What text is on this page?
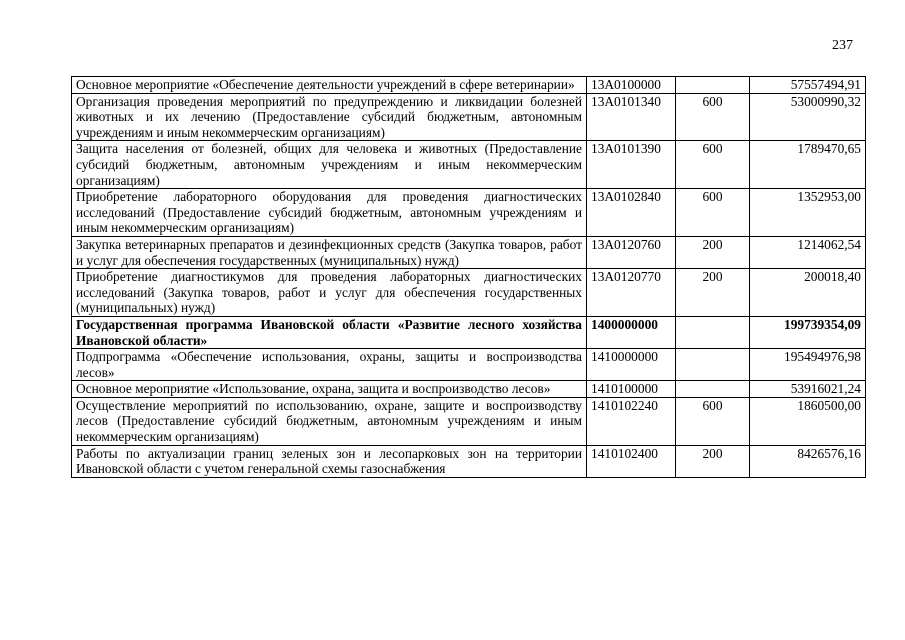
237
Основное мероприятие «Обеспечение деятельности учреждений в сфере ветеринарии»	13А0100000		57557494,91
Организация проведения мероприятий по предупреждению и ликвидации болезней животных и их лечению (Предоставление субсидий бюджетным, автономным учреждениям и иным некоммерческим организациям)	13А0101340	600	53000990,32
Защита населения от болезней, общих для человека и животных (Предоставление субсидий бюджетным, автономным учреждениям и иным некоммерческим организациям)	13А0101390	600	1789470,65
Приобретение лабораторного оборудования для проведения диагностических исследований (Предоставление субсидий бюджетным, автономным учреждениям и иным некоммерческим организациям)	13А0102840	600	1352953,00
Закупка ветеринарных препаратов и дезинфекционных средств (Закупка товаров, работ и услуг для обеспечения государственных (муниципальных) нужд)	13А0120760	200	1214062,54
Приобретение диагностикумов для проведения лабораторных диагностических исследований (Закупка товаров, работ и услуг для обеспечения государственных (муниципальных) нужд)	13А0120770	200	200018,40
Государственная программа Ивановской области «Развитие лесного хозяйства Ивановской области»	1400000000		199739354,09
Подпрограмма «Обеспечение использования, охраны, защиты и воспроизводства лесов»	1410000000		195494976,98
Основное мероприятие «Использование, охрана, защита и воспроизводство лесов»	1410100000		53916021,24
Осуществление мероприятий по использованию, охране, защите и воспроизводству лесов (Предоставление субсидий бюджетным, автономным учреждениям и иным некоммерческим организациям)	1410102240	600	1860500,00
Работы по актуализации границ зеленых зон и лесопарковых зон на территории Ивановской области с учетом генеральной схемы газоснабжения	1410102400	200	8426576,16
